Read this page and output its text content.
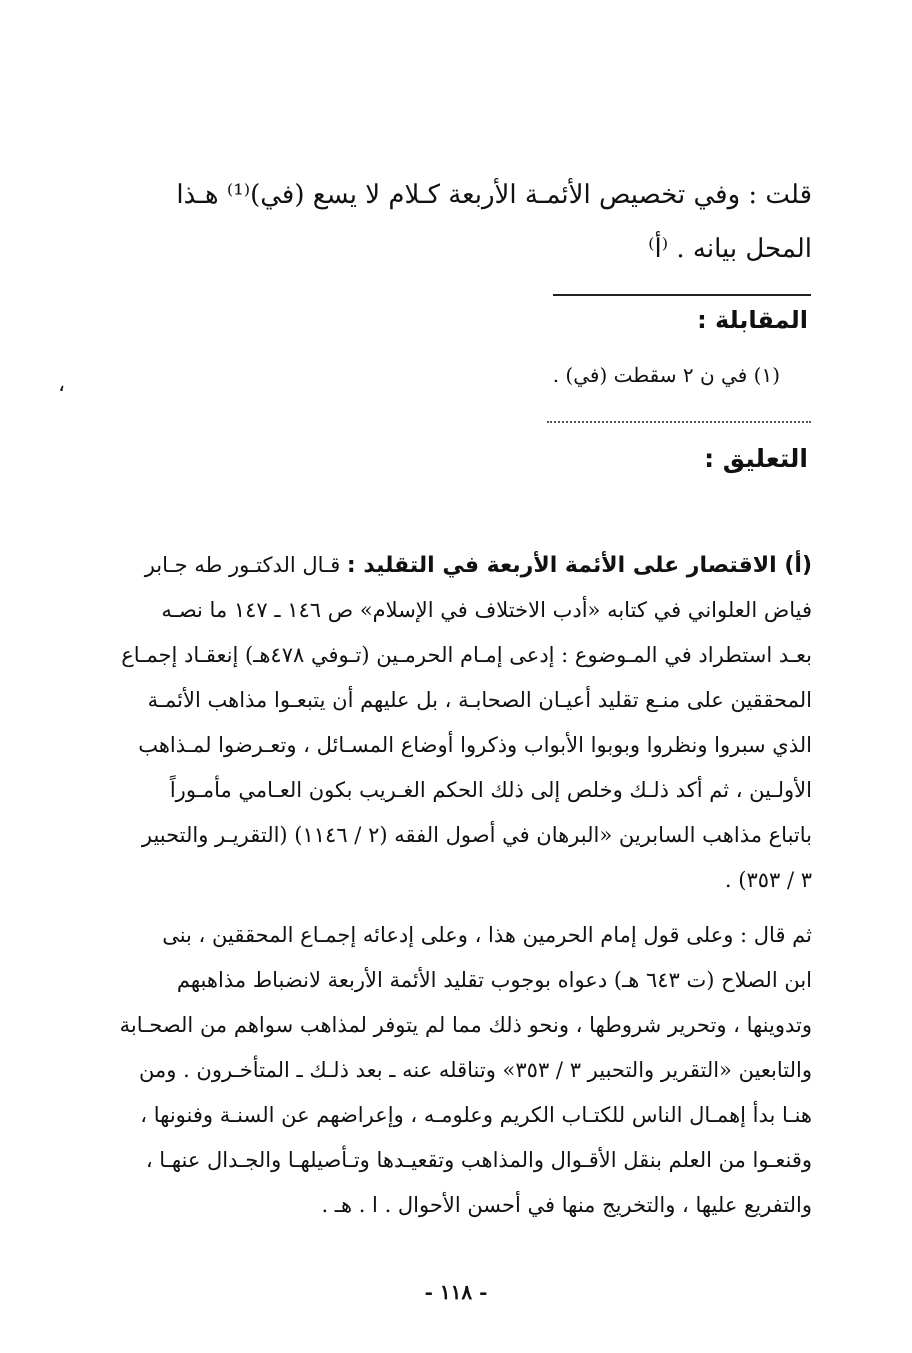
قلت : وفي تخصيص الأئمـة الأربعة كـلام لا يسع (في)⁽¹⁾ هـذا
المحل بيانه . ⁽أ⁾
المقابلة :
(١) في ن ٢ سقطت (في) .
،
التعليق :
(أ) الاقتصار على الأئمة الأربعة في التقليد : قـال الدكتـور طه جـابر
فياض العلواني في كتابه «أدب الاختلاف في الإسلام» ص ١٤٦ ـ ١٤٧ ما نصـه
بعـد استطراد في المـوضوع : إدعى إمـام الحرمـين (تـوفي ٤٧٨هـ) إنعقـاد إجمـاع
المحققين على منـع تقليد أعيـان الصحابـة ، بل عليهم أن يتبعـوا مذاهب الأئمـة
الذي سبروا ونظروا وبوبوا الأبواب وذكروا أوضاع المسـائل ، وتعـرضوا لمـذاهب
الأولـين ، ثم أكد ذلـك وخلص إلى ذلك الحكم الغـريب بكون العـامي مأمـوراً
باتباع مذاهب السابرين «البرهان في أصول الفقه (٢ / ١١٤٦) (التقريـر والتحبير
٣ / ٣٥٣) .
ثم قال : وعلى قول إمام الحرمين هذا ، وعلى إدعائه إجمـاع المحققين ، بنى
ابن الصلاح (ت ٦٤٣ هـ) دعواه بوجوب تقليد الأئمة الأربعة لانضباط مذاهبهم
وتدوينها ، وتحرير شروطها ، ونحو ذلك مما لم يتوفر لمذاهب سواهم من الصحـابة
والتابعين «التقرير والتحبير ٣ / ٣٥٣» وتناقله عنه ـ بعد ذلـك ـ المتأخـرون . ومن
هنـا بدأ إهمـال الناس للكتـاب الكريم وعلومـه ، وإعراضهم عن السنـة وفنونها ،
وقنعـوا من العلم بنقل الأقـوال والمذاهب وتقعيـدها وتـأصيلهـا والجـدال عنهـا ،
والتفريع عليها ، والتخريج منها في أحسن الأحوال . ا . هـ .
- ١١٨ -
